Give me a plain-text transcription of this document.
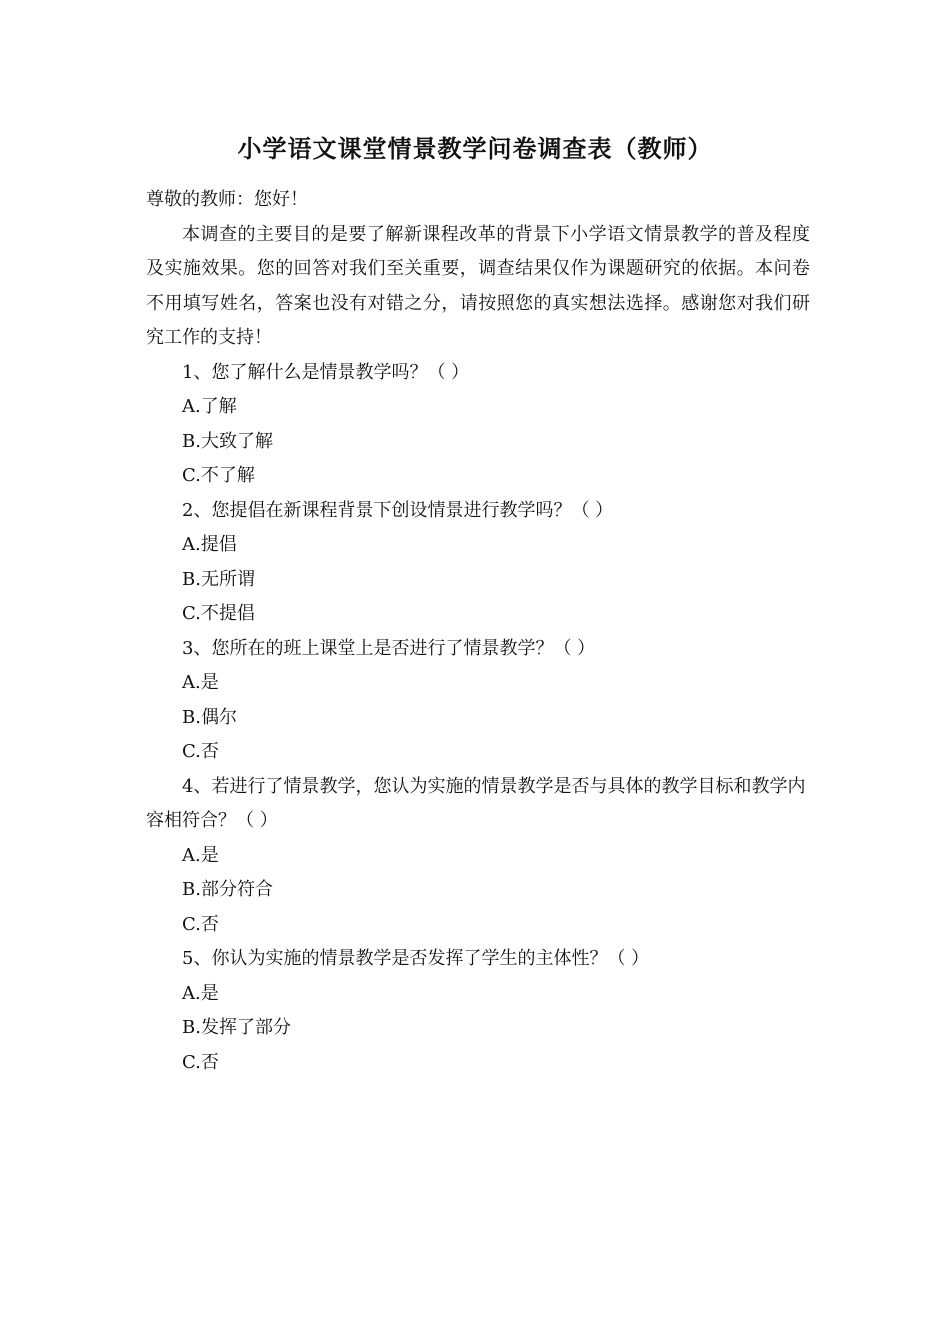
小学语文课堂情景教学问卷调查表（教师）
尊敬的教师：您好！
本调查的主要目的是要了解新课程改革的背景下小学语文情景教学的普及程度及实施效果。您的回答对我们至关重要，调查结果仅作为课题研究的依据。本问卷不用填写姓名，答案也没有对错之分，请按照您的真实想法选择。感谢您对我们研究工作的支持！
1、您了解什么是情景教学吗？（ ）
A.了解
B.大致了解
C.不了解
2、您提倡在新课程背景下创设情景进行教学吗？（ ）
A.提倡
B.无所谓
C.不提倡
3、您所在的班上课堂上是否进行了情景教学？（ ）
A.是
B.偶尔
C.否
4、若进行了情景教学，您认为实施的情景教学是否与具体的教学目标和教学内容相符合？（ ）
A.是
B.部分符合
C.否
5、你认为实施的情景教学是否发挥了学生的主体性？（ ）
A.是
B.发挥了部分
C.否
